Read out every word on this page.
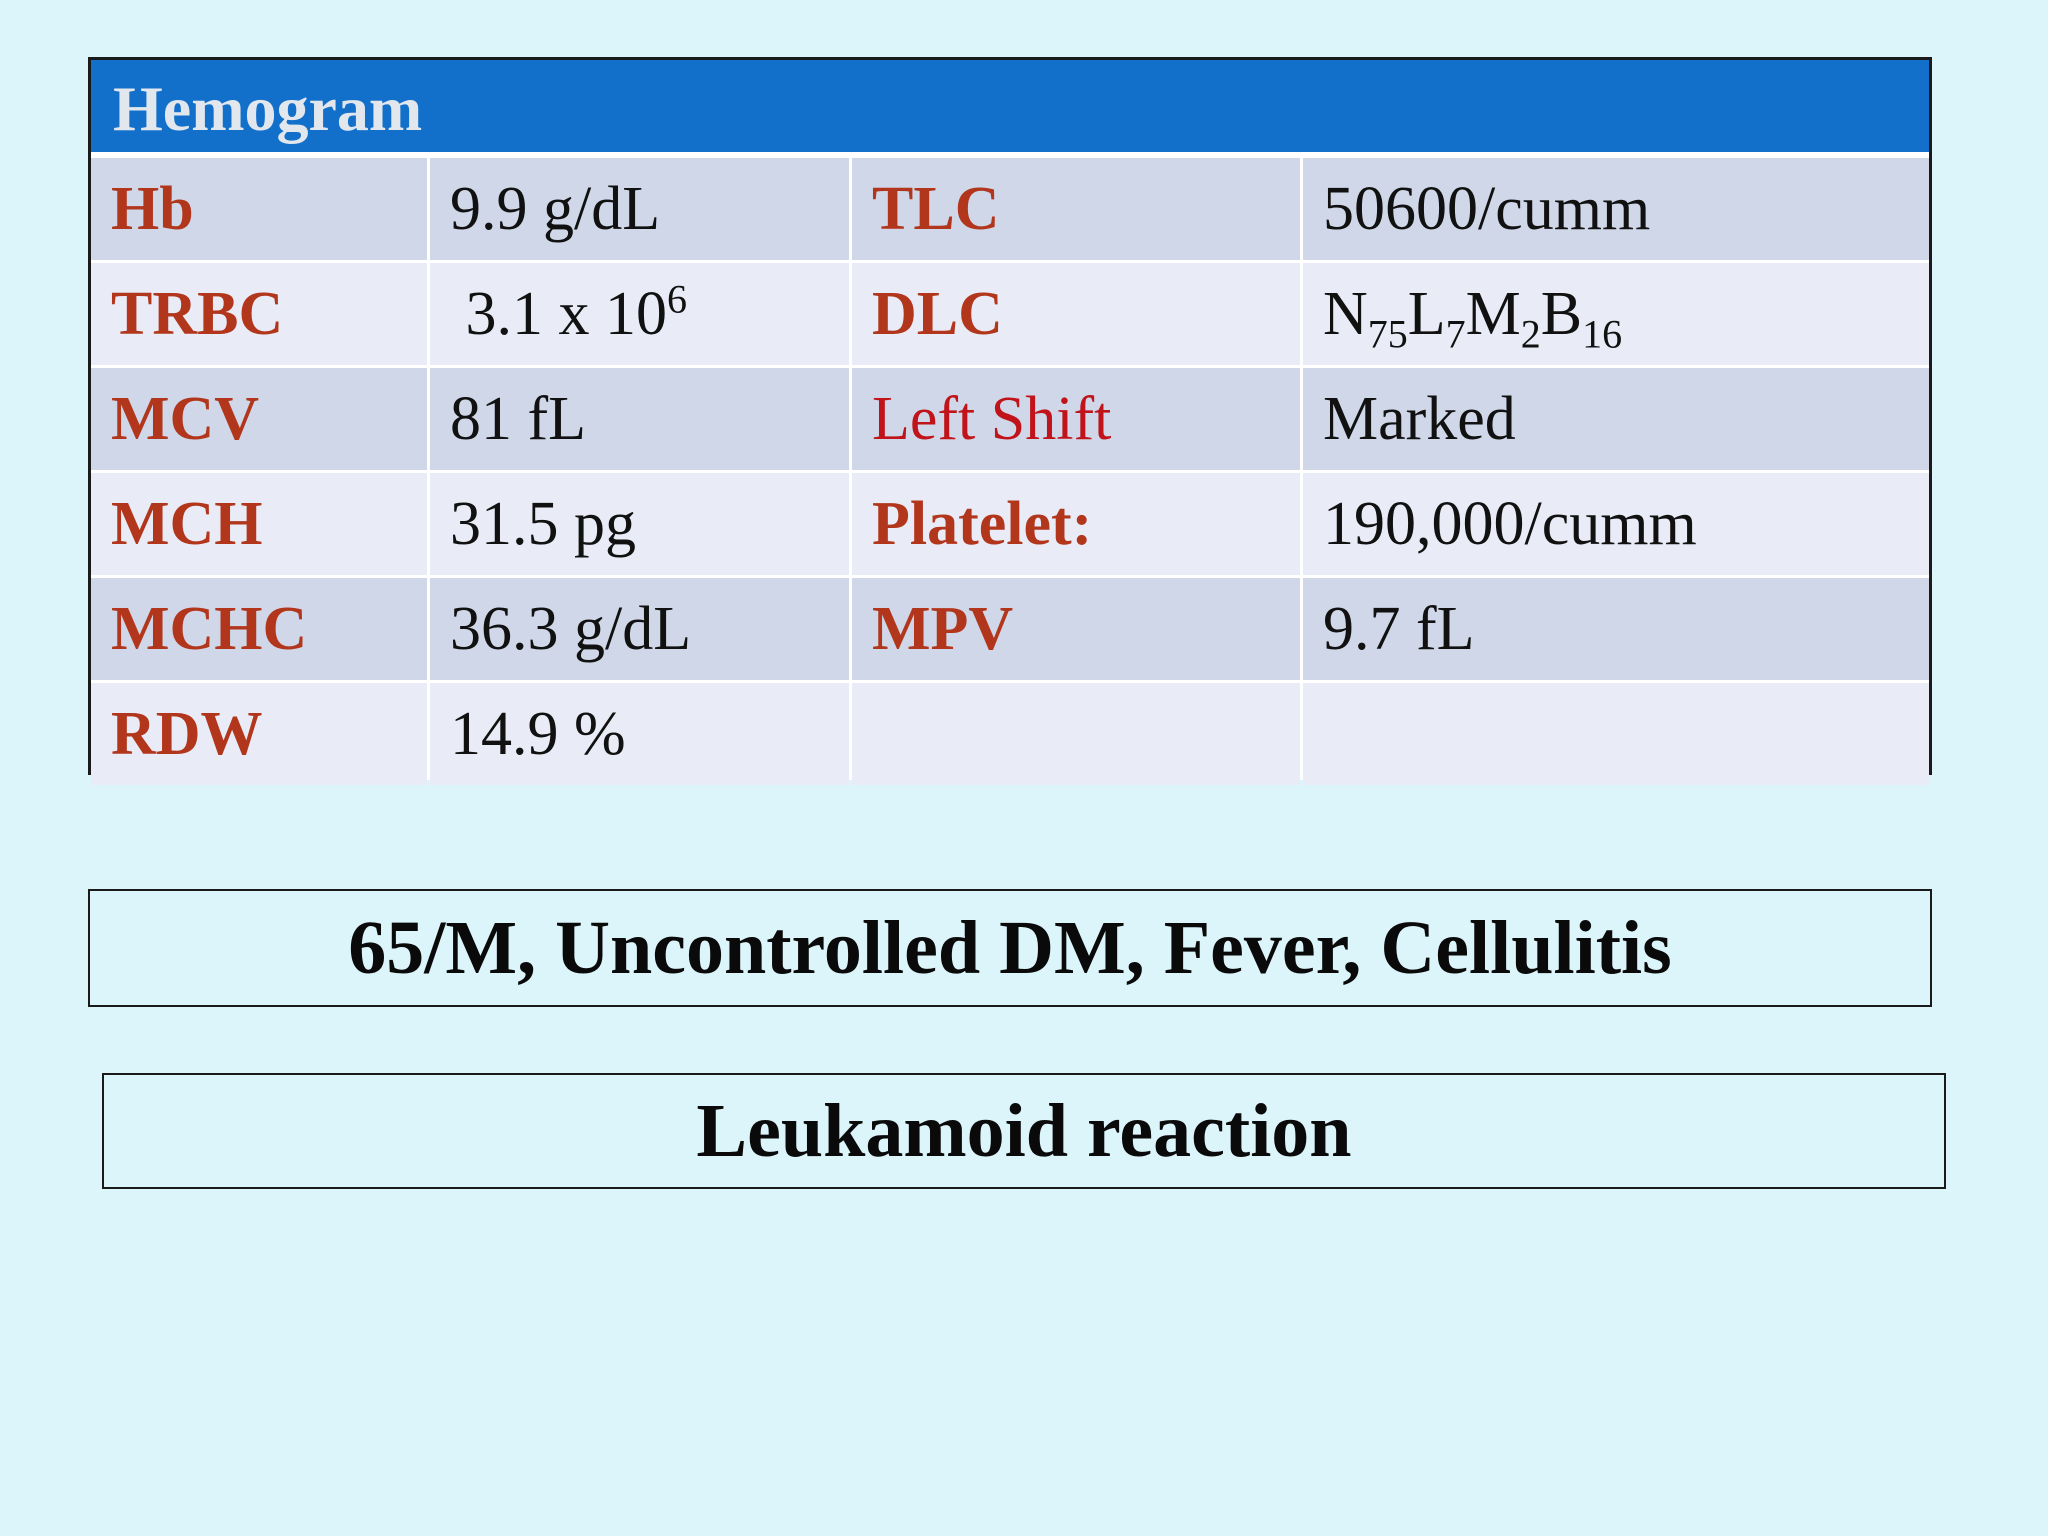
Hemogram
Hb	9.9 g/dL	TLC	50600/cumm
TRBC	3.1 x $10^6$	DLC	$N_{75}L_7M_2B_{16}$
MCV	81 fL	Left Shift	Marked
MCH	31.5 pg	Platelet:	190,000/cumm
MCHC	36.3 g/dL	MPV	9.7 fL
RDW	14.9 %
65/M, Uncontrolled DM, Fever, Cellulitis
Leukamoid reaction
